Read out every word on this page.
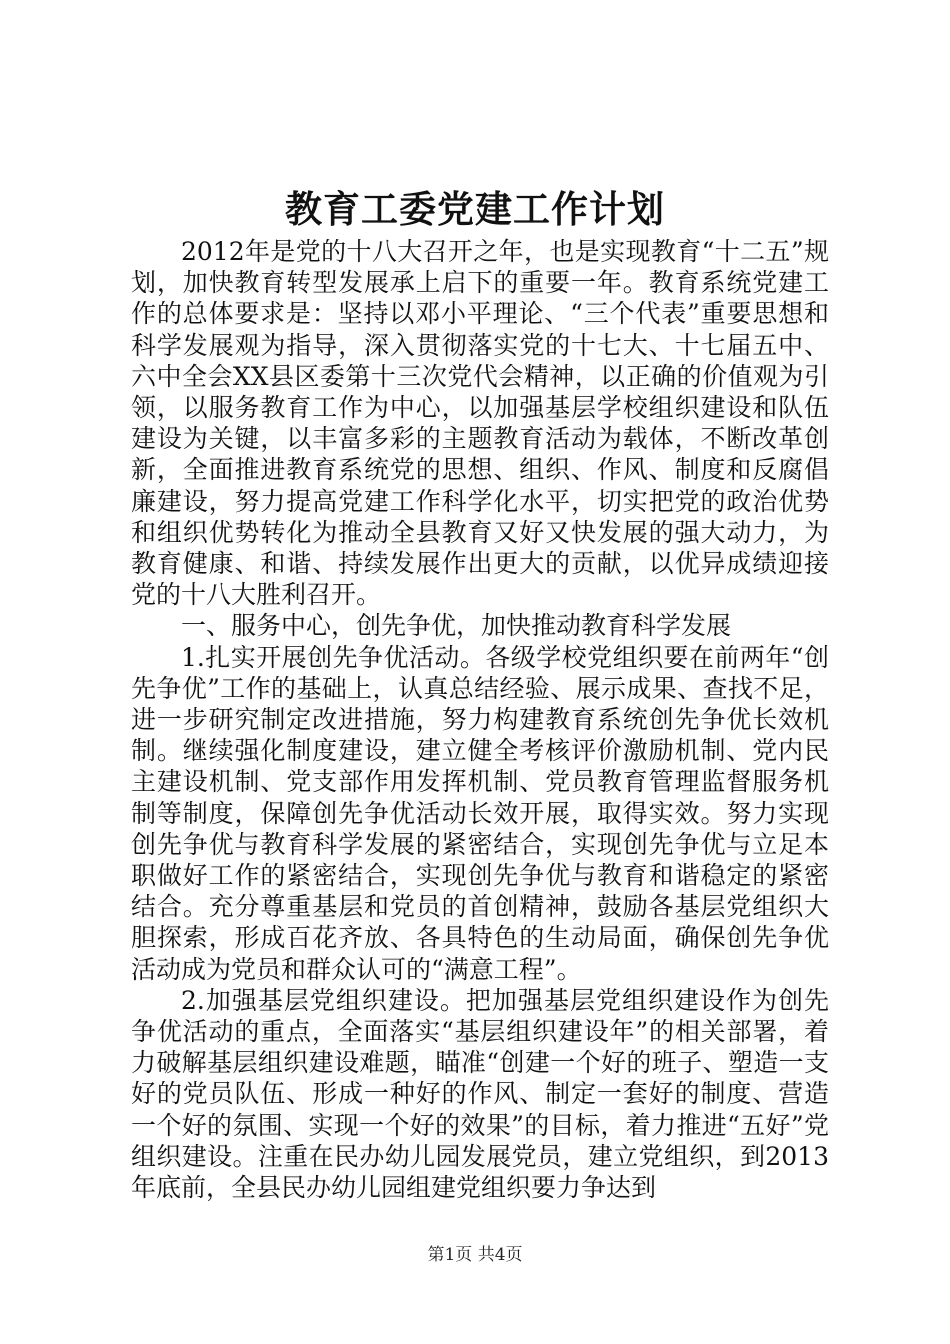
教育工委党建工作计划

2012年是党的十八大召开之年，也是实现教育“十二五”规划，加快教育转型发展承上启下的重要一年。教育系统党建工作的总体要求是：坚持以邓小平理论、“三个代表”重要思想和科学发展观为指导，深入贯彻落实党的十七大、十七届五中、六中全会XX县区委第十三次党代会精神，以正确的价值观为引领，以服务教育工作为中心，以加强基层学校组织建设和队伍建设为关键，以丰富多彩的主题教育活动为载体，不断改革创新，全面推进教育系统党的思想、组织、作风、制度和反腐倡廉建设，努力提高党建工作科学化水平，切实把党的政治优势和组织优势转化为推动全县教育又好又快发展的强大动力，为教育健康、和谐、持续发展作出更大的贡献，以优异成绩迎接党的十八大胜利召开。

一、服务中心，创先争优，加快推动教育科学发展

1.扎实开展创先争优活动。各级学校党组织要在前两年“创先争优”工作的基础上，认真总结经验、展示成果、查找不足，进一步研究制定改进措施，努力构建教育系统创先争优长效机制。继续强化制度建设，建立健全考核评价激励机制、党内民主建设机制、党支部作用发挥机制、党员教育管理监督服务机制等制度，保障创先争优活动长效开展，取得实效。努力实现创先争优与教育科学发展的紧密结合，实现创先争优与立足本职做好工作的紧密结合，实现创先争优与教育和谐稳定的紧密结合。充分尊重基层和党员的首创精神，鼓励各基层党组织大胆探索，形成百花齐放、各具特色的生动局面，确保创先争优活动成为党员和群众认可的“满意工程”。

2.加强基层党组织建设。把加强基层党组织建设作为创先争优活动的重点，全面落实“基层组织建设年”的相关部署，着力破解基层组织建设难题，瞄准“创建一个好的班子、塑造一支好的党员队伍、形成一种好的作风、制定一套好的制度、营造一个好的氛围、实现一个好的效果”的目标，着力推进“五好”党组织建设。注重在民办幼儿园发展党员，建立党组织，到2013年底前，全县民办幼儿园组建党组织要力争达到

第1页 共4页
